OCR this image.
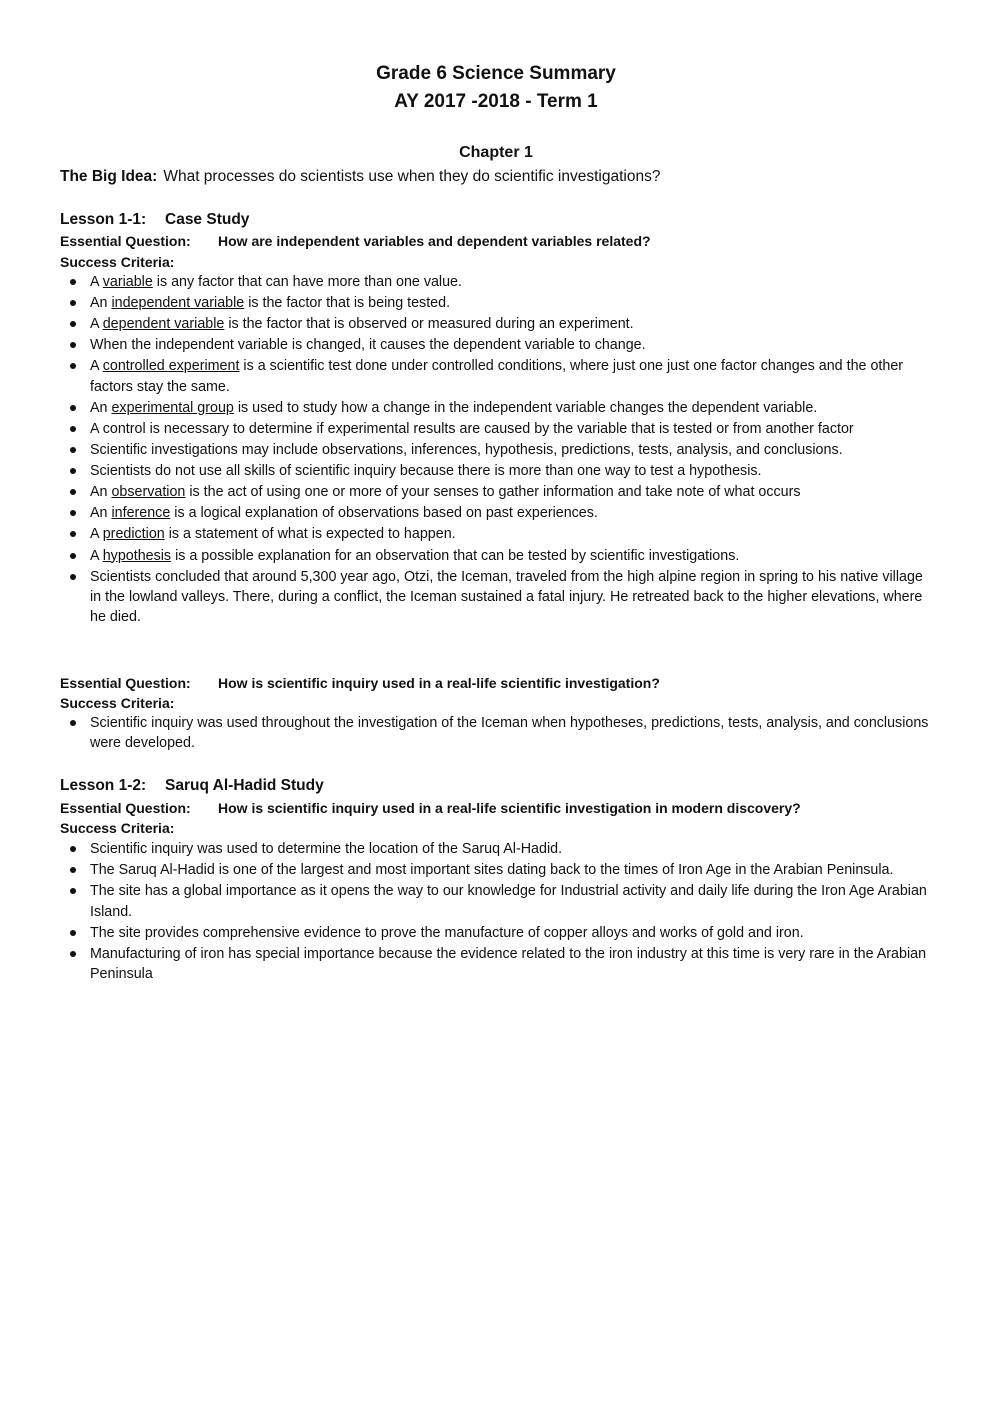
Grade 6 Science Summary
AY 2017 -2018 - Term 1
Chapter 1
The Big Idea: What processes do scientists use when they do scientific investigations?
Lesson 1-1: Case Study
Essential Question: How are independent variables and dependent variables related?
Success Criteria:
A variable is any factor that can have more than one value.
An independent variable is the factor that is being tested.
A dependent variable is the factor that is observed or measured during an experiment.
When the independent variable is changed, it causes the dependent variable to change.
A controlled experiment is a scientific test done under controlled conditions, where just one just one factor changes and the other factors stay the same.
An experimental group is used to study how a change in the independent variable changes the dependent variable.
A control is necessary to determine if experimental results are caused by the variable that is tested or from another factor
Scientific investigations may include observations, inferences, hypothesis, predictions, tests, analysis, and conclusions.
Scientists do not use all skills of scientific inquiry because there is more than one way to test a hypothesis.
An observation is the act of using one or more of your senses to gather information and take note of what occurs
An inference is a logical explanation of observations based on past experiences.
A prediction is a statement of what is expected to happen.
A hypothesis is a possible explanation for an observation that can be tested by scientific investigations.
Scientists concluded that around 5,300 year ago, Otzi, the Iceman, traveled from the high alpine region in spring to his native village in the lowland valleys. There, during a conflict, the Iceman sustained a fatal injury. He retreated back to the higher elevations, where he died.
Essential Question: How is scientific inquiry used in a real-life scientific investigation?
Success Criteria:
Scientific inquiry was used throughout the investigation of the Iceman when hypotheses, predictions, tests, analysis, and conclusions were developed.
Lesson 1-2: Saruq Al-Hadid Study
Essential Question: How is scientific inquiry used in a real-life scientific investigation in modern discovery?
Success Criteria:
Scientific inquiry was used to determine the location of the Saruq Al-Hadid.
The Saruq Al-Hadid is one of the largest and most important sites dating back to the times of Iron Age in the Arabian Peninsula.
The site has a global importance as it opens the way to our knowledge for Industrial activity and daily life during the Iron Age Arabian Island.
The site provides comprehensive evidence to prove the manufacture of copper alloys and works of gold and iron.
Manufacturing of iron has special importance because the evidence related to the iron industry at this time is very rare in the Arabian Peninsula
